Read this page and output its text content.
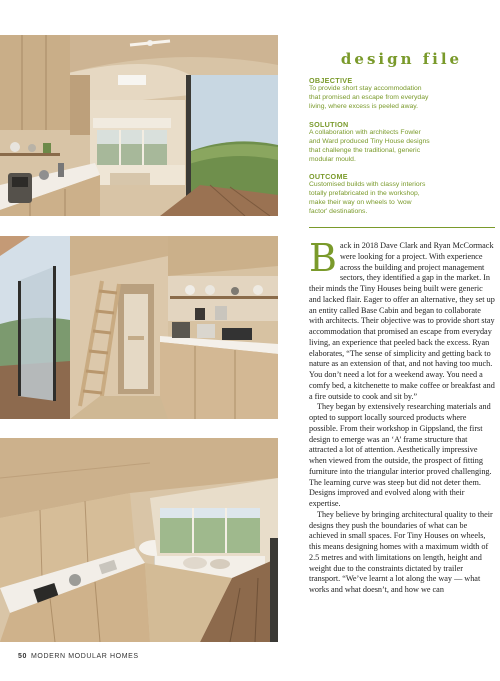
design file
OBJECTIVE
To provide short stay accommodation
that promised an escape from everyday
living, where excess is peeled away.
SOLUTION
A collaboration with architects Fowler
and Ward produced Tiny House designs
that challenge the traditional, generic
modular mould.
OUTCOME
Customised builds with classy interiors
totally prefabricated in the workshop,
make their way on wheels to 'wow
factor' destinations.

Back in 2018 Dave Clark and Ryan McCormack were looking for a project. With experience across the building and project management sectors, they identified a gap in the market. In their minds the Tiny Houses being built were generic and lacked flair. Eager to offer an alternative, they set up an entity called Base Cabin and began to collaborate with architects. Their objective was to provide short stay accommodation that promised an escape from everyday living, an experience that peeled back the excess. Ryan elaborates, “The sense of simplicity and getting back to nature as an extension of that, and not having too much. You don’t need a lot for a weekend away. You need a comfy bed, a kitchenette to make coffee or breakfast and a fire outside to cook and sit by.”

They began by extensively researching materials and opted to support locally sourced products where possible. From their workshop in Gippsland, the first design to emerge was an ‘A’ frame structure that attracted a lot of attention. Aesthetically impressive when viewed from the outside, the prospect of fitting furniture into the triangular interior proved challenging. The learning curve was steep but did not deter them. Designs improved and evolved along with their expertise.

They believe by bringing architectural quality to their designs they push the boundaries of what can be achieved in small spaces. For Tiny Houses on wheels, this means designing homes with a maximum width of 2.5 metres and with limitations on length, height and weight due to the constraints dictated by trailer transport. “We’ve learnt a lot along the way — what works and what doesn’t, and how we can

50 MODERN MODULAR HOMES
